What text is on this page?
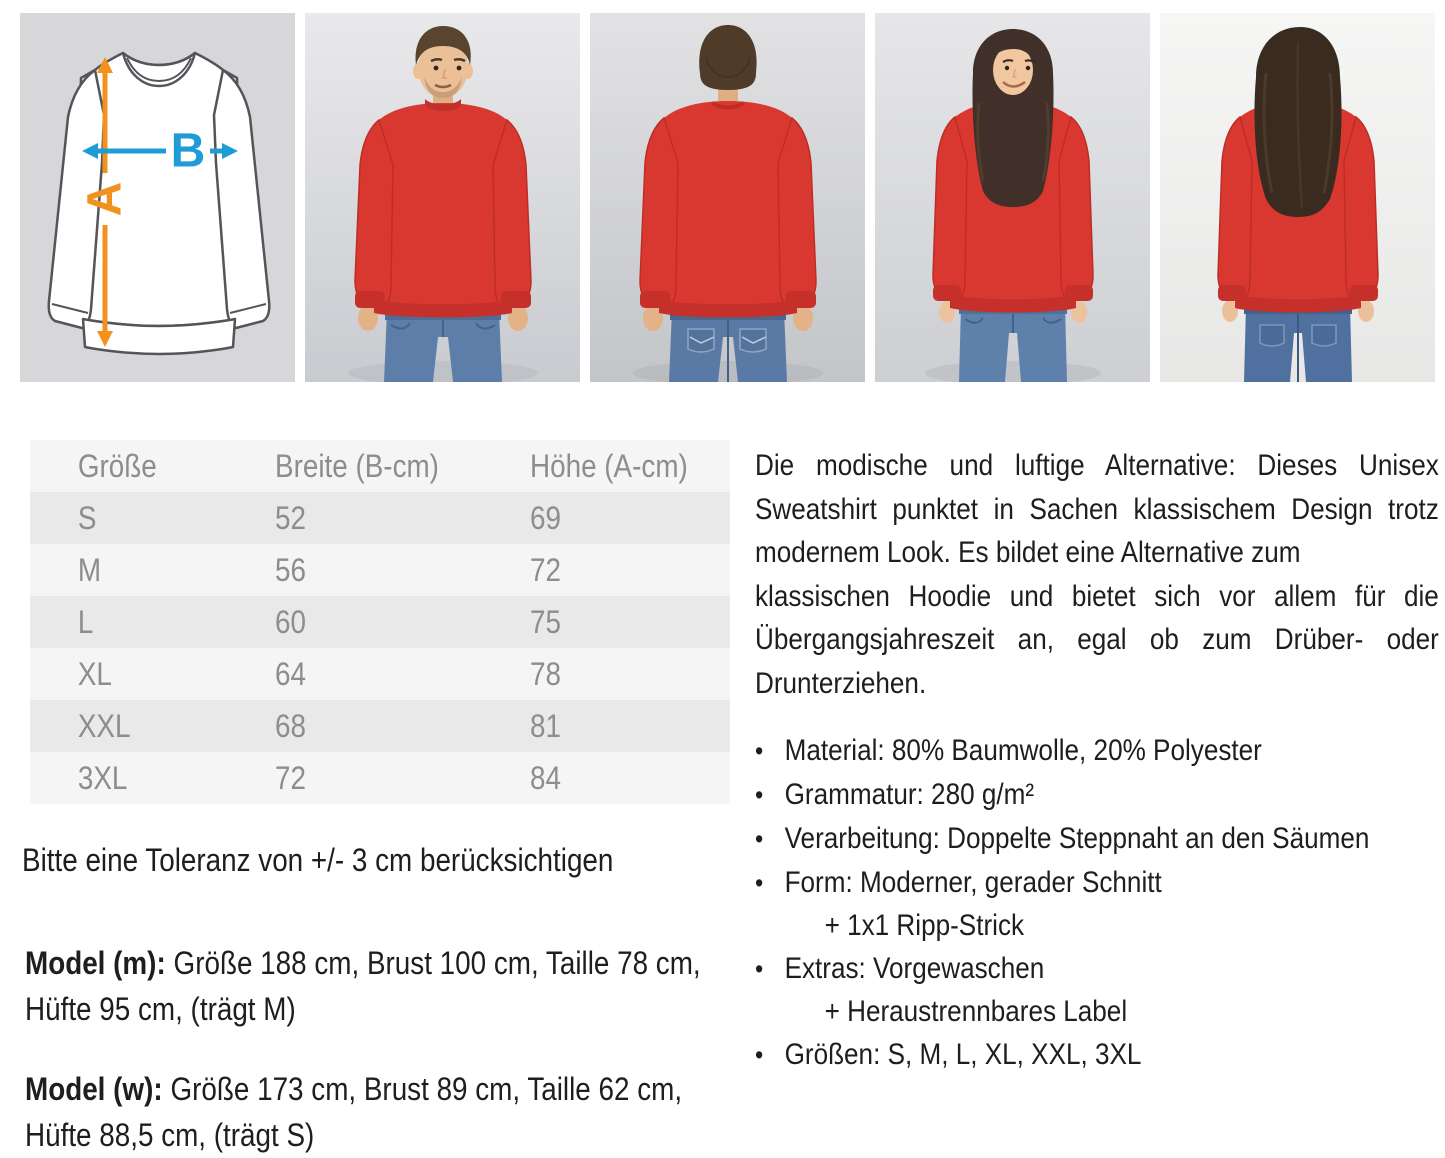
A
B
Größe	Breite (B-cm)	Höhe (A-cm)
S	52	69
M	56	72
L	60	75
XL	64	78
XXL	68	81
3XL	72	84

Bitte eine Toleranz von +/- 3 cm berücksichtigen

Model (m): Größe 188 cm, Brust 100 cm, Taille 78 cm, Hüfte 95 cm, (trägt M)

Model (w): Größe 173 cm, Brust 89 cm, Taille 62 cm, Hüfte 88,5 cm, (trägt S)

Die modische und luftige Alternative: Dieses Unisex
Sweatshirt punktet in Sachen klassischem Design trotz
modernem Look. Es bildet eine Alternative zum
klassischen Hoodie und bietet sich vor allem für die
Übergangsjahreszeit an, egal ob zum Drüber- oder
Drunterziehen.
•
Material: 80% Baumwolle, 20% Polyester
•
Grammatur: 280 g/m²
•
Verarbeitung: Doppelte Steppnaht an den Säumen
•
Form: Moderner, gerader Schnitt
+ 1x1 Ripp-Strick
•
Extras: Vorgewaschen
+ Heraustrennbares Label
•
Größen: S, M, L, XL, XXL, 3XL
